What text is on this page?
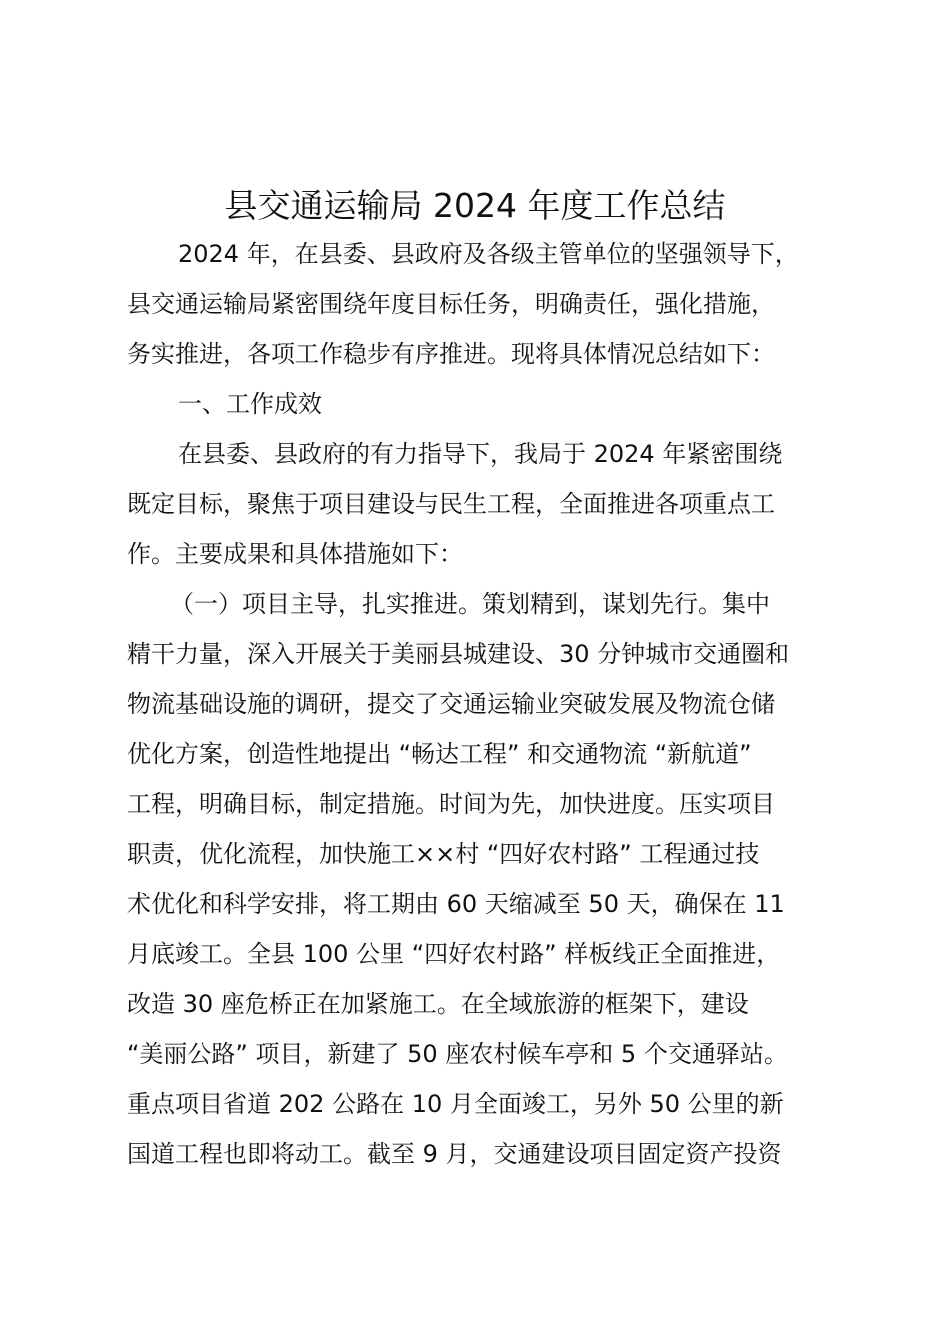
县交通运输局 2024 年度工作总结
2024 年，在县委、县政府及各级主管单位的坚强领导下，
县交通运输局紧密围绕年度目标任务，明确责任，强化措施，
务实推进，各项工作稳步有序推进。现将具体情况总结如下：
一、工作成效
在县委、县政府的有力指导下，我局于 2024 年紧密围绕
既定目标，聚焦于项目建设与民生工程，全面推进各项重点工
作。主要成果和具体措施如下：
（一）项目主导，扎实推进。策划精到，谋划先行。集中
精干力量，深入开展关于美丽县城建设、30 分钟城市交通圈和
物流基础设施的调研，提交了交通运输业突破发展及物流仓储
优化方案，创造性地提出 “畅达工程” 和交通物流 “新航道”
工程，明确目标，制定措施。时间为先，加快进度。压实项目
职责，优化流程，加快施工××村 “四好农村路” 工程通过技
术优化和科学安排，将工期由 60 天缩减至 50 天，确保在 11
月底竣工。全县 100 公里 “四好农村路” 样板线正全面推进，
改造 30 座危桥正在加紧施工。在全域旅游的框架下，建设
“美丽公路” 项目，新建了 50 座农村候车亭和 5 个交通驿站。
重点项目省道 202 公路在 10 月全面竣工，另外 50 公里的新
国道工程也即将动工。截至 9 月，交通建设项目固定资产投资
